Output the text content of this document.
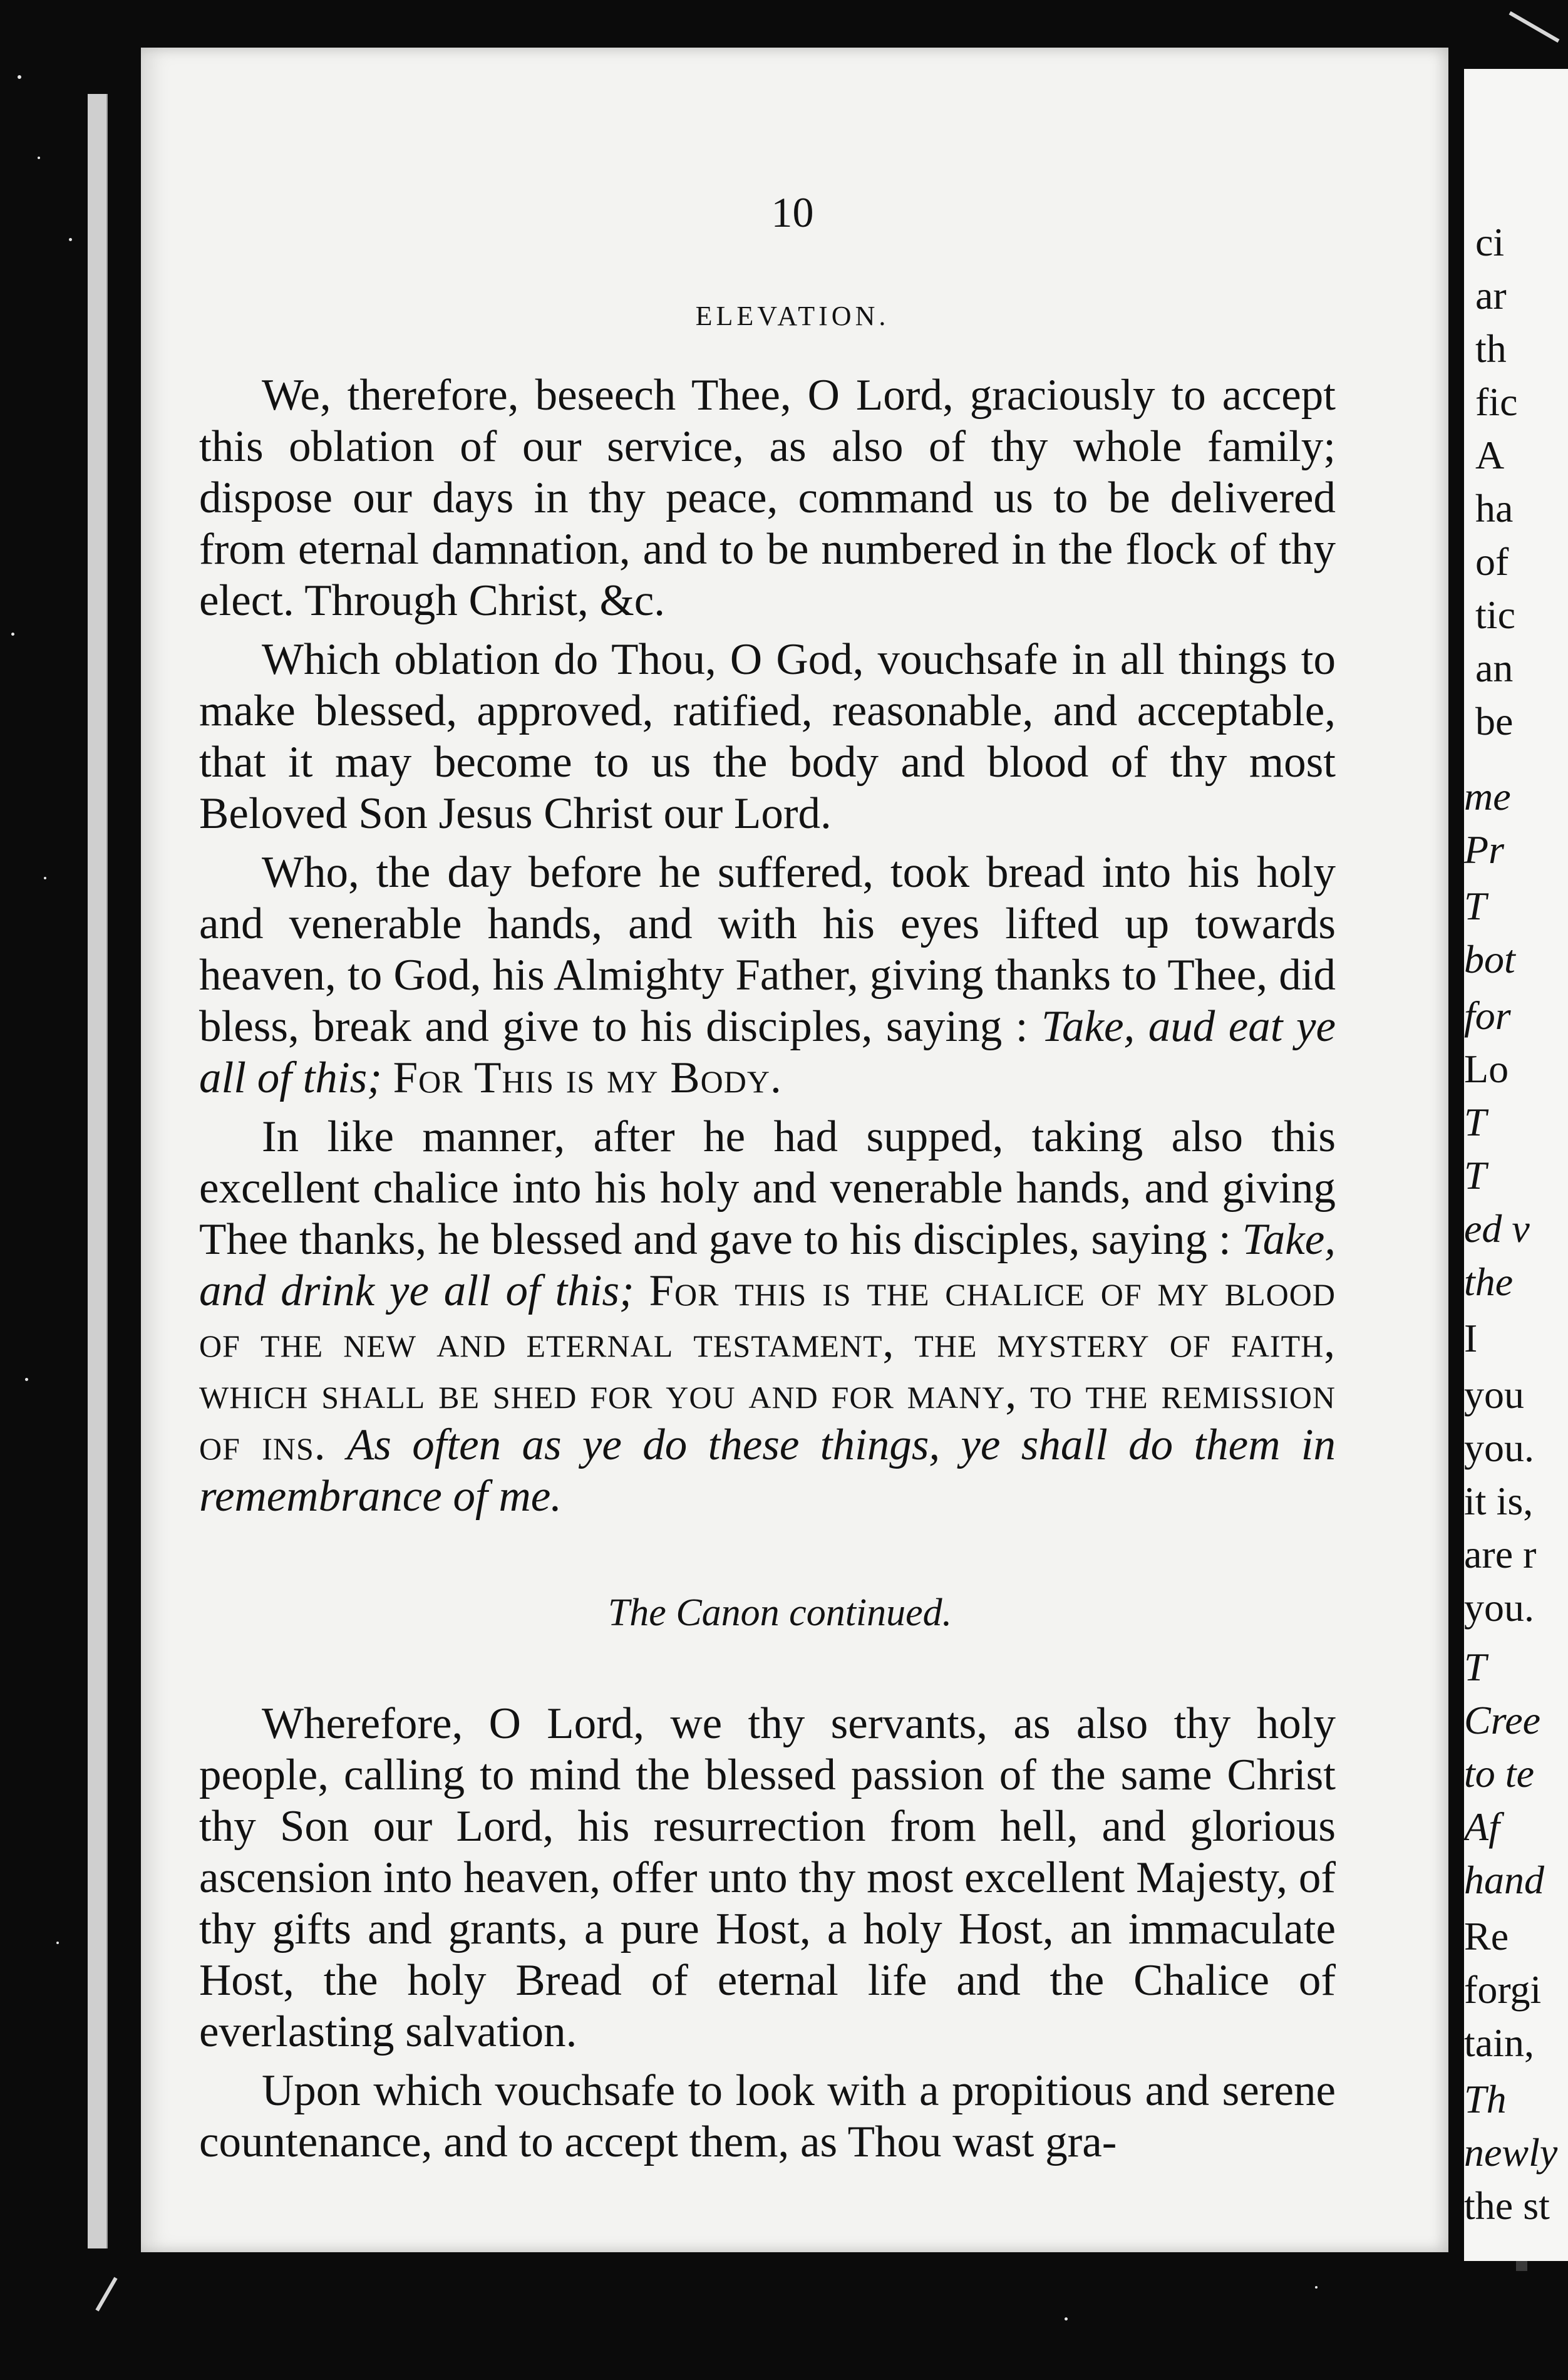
ci
ar
th
fic
A
ha
of
tic
an
be
me
Pr
T
bot
for
Lo
T
T
ed v
the
I
you
you.
it is,
are r
you.
T
Cree
to te
Af
hand
Re
forgi
tain,
Th
newly
the st

10

ELEVATION.

We, therefore, beseech Thee, O Lord, graciously to accept this oblation of our service, as also of thy whole family; dispose our days in thy peace, command us to be delivered from eternal damnation, and to be numbered in the flock of thy elect. Through Christ, &c.

Which oblation do Thou, O God, vouchsafe in all things to make blessed, approved, ratified, reasonable, and acceptable, that it may become to us the body and blood of thy most Beloved Son Jesus Christ our Lord.

Who, the day before he suffered, took bread into his holy and venerable hands, and with his eyes lifted up towards heaven, to God, his Almighty Father, giving thanks to Thee, did bless, break and give to his disciples, saying : Take, aud eat ye all of this; For This is my Body.

In like manner, after he had supped, taking also this excellent chalice into his holy and venerable hands, and giving Thee thanks, he blessed and gave to his disciples, saying : Take, and drink ye all of this; For this is the chalice of my blood of the new and eternal testament, the mystery of faith, which shall be shed for you and for many, to the remission of ins. As often as ye do these things, ye shall do them in remembrance of me.

The Canon continued.

Wherefore, O Lord, we thy servants, as also thy holy people, calling to mind the blessed passion of the same Christ thy Son our Lord, his resurrection from hell, and glorious ascension into heaven, offer unto thy most excellent Majesty, of thy gifts and grants, a pure Host, a holy Host, an immaculate Host, the holy Bread of eternal life and the Chalice of everlasting salvation.

Upon which vouchsafe to look with a propitious and serene countenance, and to accept them, as Thou wast gra-
